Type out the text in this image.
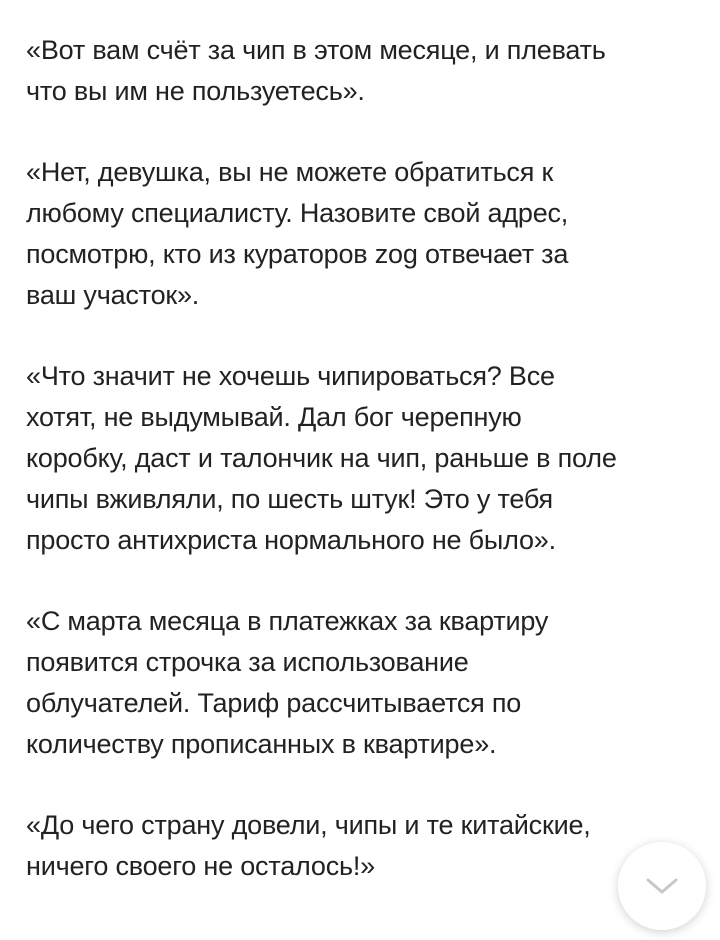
«Вот вам счёт за чип в этом месяце, и плевать
что вы им не пользуетесь».

«Нет, девушка, вы не можете обратиться к
любому специалисту. Назовите свой адрес,
посмотрю, кто из кураторов zog отвечает за
ваш участок».

«Что значит не хочешь чипироваться? Все
хотят, не выдумывай. Дал бог черепную
коробку, даст и талончик на чип, раньше в поле
чипы вживляли, по шесть штук! Это у тебя
просто антихриста нормального не было».

«С марта месяца в платежках за квартиру
появится строчка за использование
облучателей. Тариф рассчитывается по
количеству прописанных в квартире».

«До чего страну довели, чипы и те китайские,
ничего своего не осталось!»
